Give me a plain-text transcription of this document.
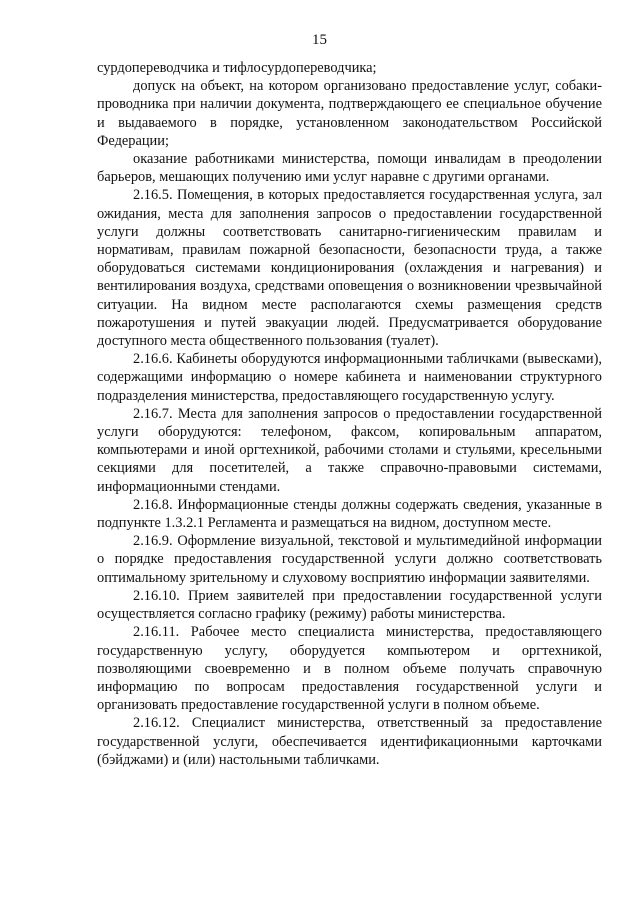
15

сурдопереводчика и тифлосурдопереводчика;

допуск на объект, на котором организовано предоставление услуг, собаки-проводника при наличии документа, подтверждающего ее специальное обучение и выдаваемого в порядке, установленном законодательством Российской Федерации;

оказание работниками министерства, помощи инвалидам в преодолении барьеров, мешающих получению ими услуг наравне с другими органами.

2.16.5. Помещения, в которых предоставляется государственная услуга, зал ожидания, места для заполнения запросов о предоставлении государственной услуги должны соответствовать санитарно-гигиеническим правилам и нормативам, правилам пожарной безопасности, безопасности труда, а также оборудоваться системами кондиционирования (охлаждения и нагревания) и вентилирования воздуха, средствами оповещения о возникновении чрезвычайной ситуации. На видном месте располагаются схемы размещения средств пожаротушения и путей эвакуации людей. Предусматривается оборудование доступного места общественного пользования (туалет).

2.16.6. Кабинеты оборудуются информационными табличками (вывесками), содержащими информацию о номере кабинета и наименовании структурного подразделения министерства, предоставляющего государственную услугу.

2.16.7. Места для заполнения запросов о предоставлении государственной услуги оборудуются: телефоном, факсом, копировальным аппаратом, компьютерами и иной оргтехникой, рабочими столами и стульями, кресельными секциями для посетителей, а также справочно-правовыми системами, информационными стендами.

2.16.8. Информационные стенды должны содержать сведения, указанные в подпункте 1.3.2.1 Регламента и размещаться на видном, доступном месте.

2.16.9. Оформление визуальной, текстовой и мультимедийной информации о порядке предоставления государственной услуги должно соответствовать оптимальному зрительному и слуховому восприятию информации заявителями.

2.16.10. Прием заявителей при предоставлении государственной услуги осуществляется согласно графику (режиму) работы министерства.

2.16.11. Рабочее место специалиста министерства, предоставляющего государственную услугу, оборудуется компьютером и оргтехникой, позволяющими своевременно и в полном объеме получать справочную информацию по вопросам предоставления государственной услуги и организовать предоставление государственной услуги в полном объеме.

2.16.12. Специалист министерства, ответственный за предоставление государственной услуги, обеспечивается идентификационными карточками (бэйджами) и (или) настольными табличками.
